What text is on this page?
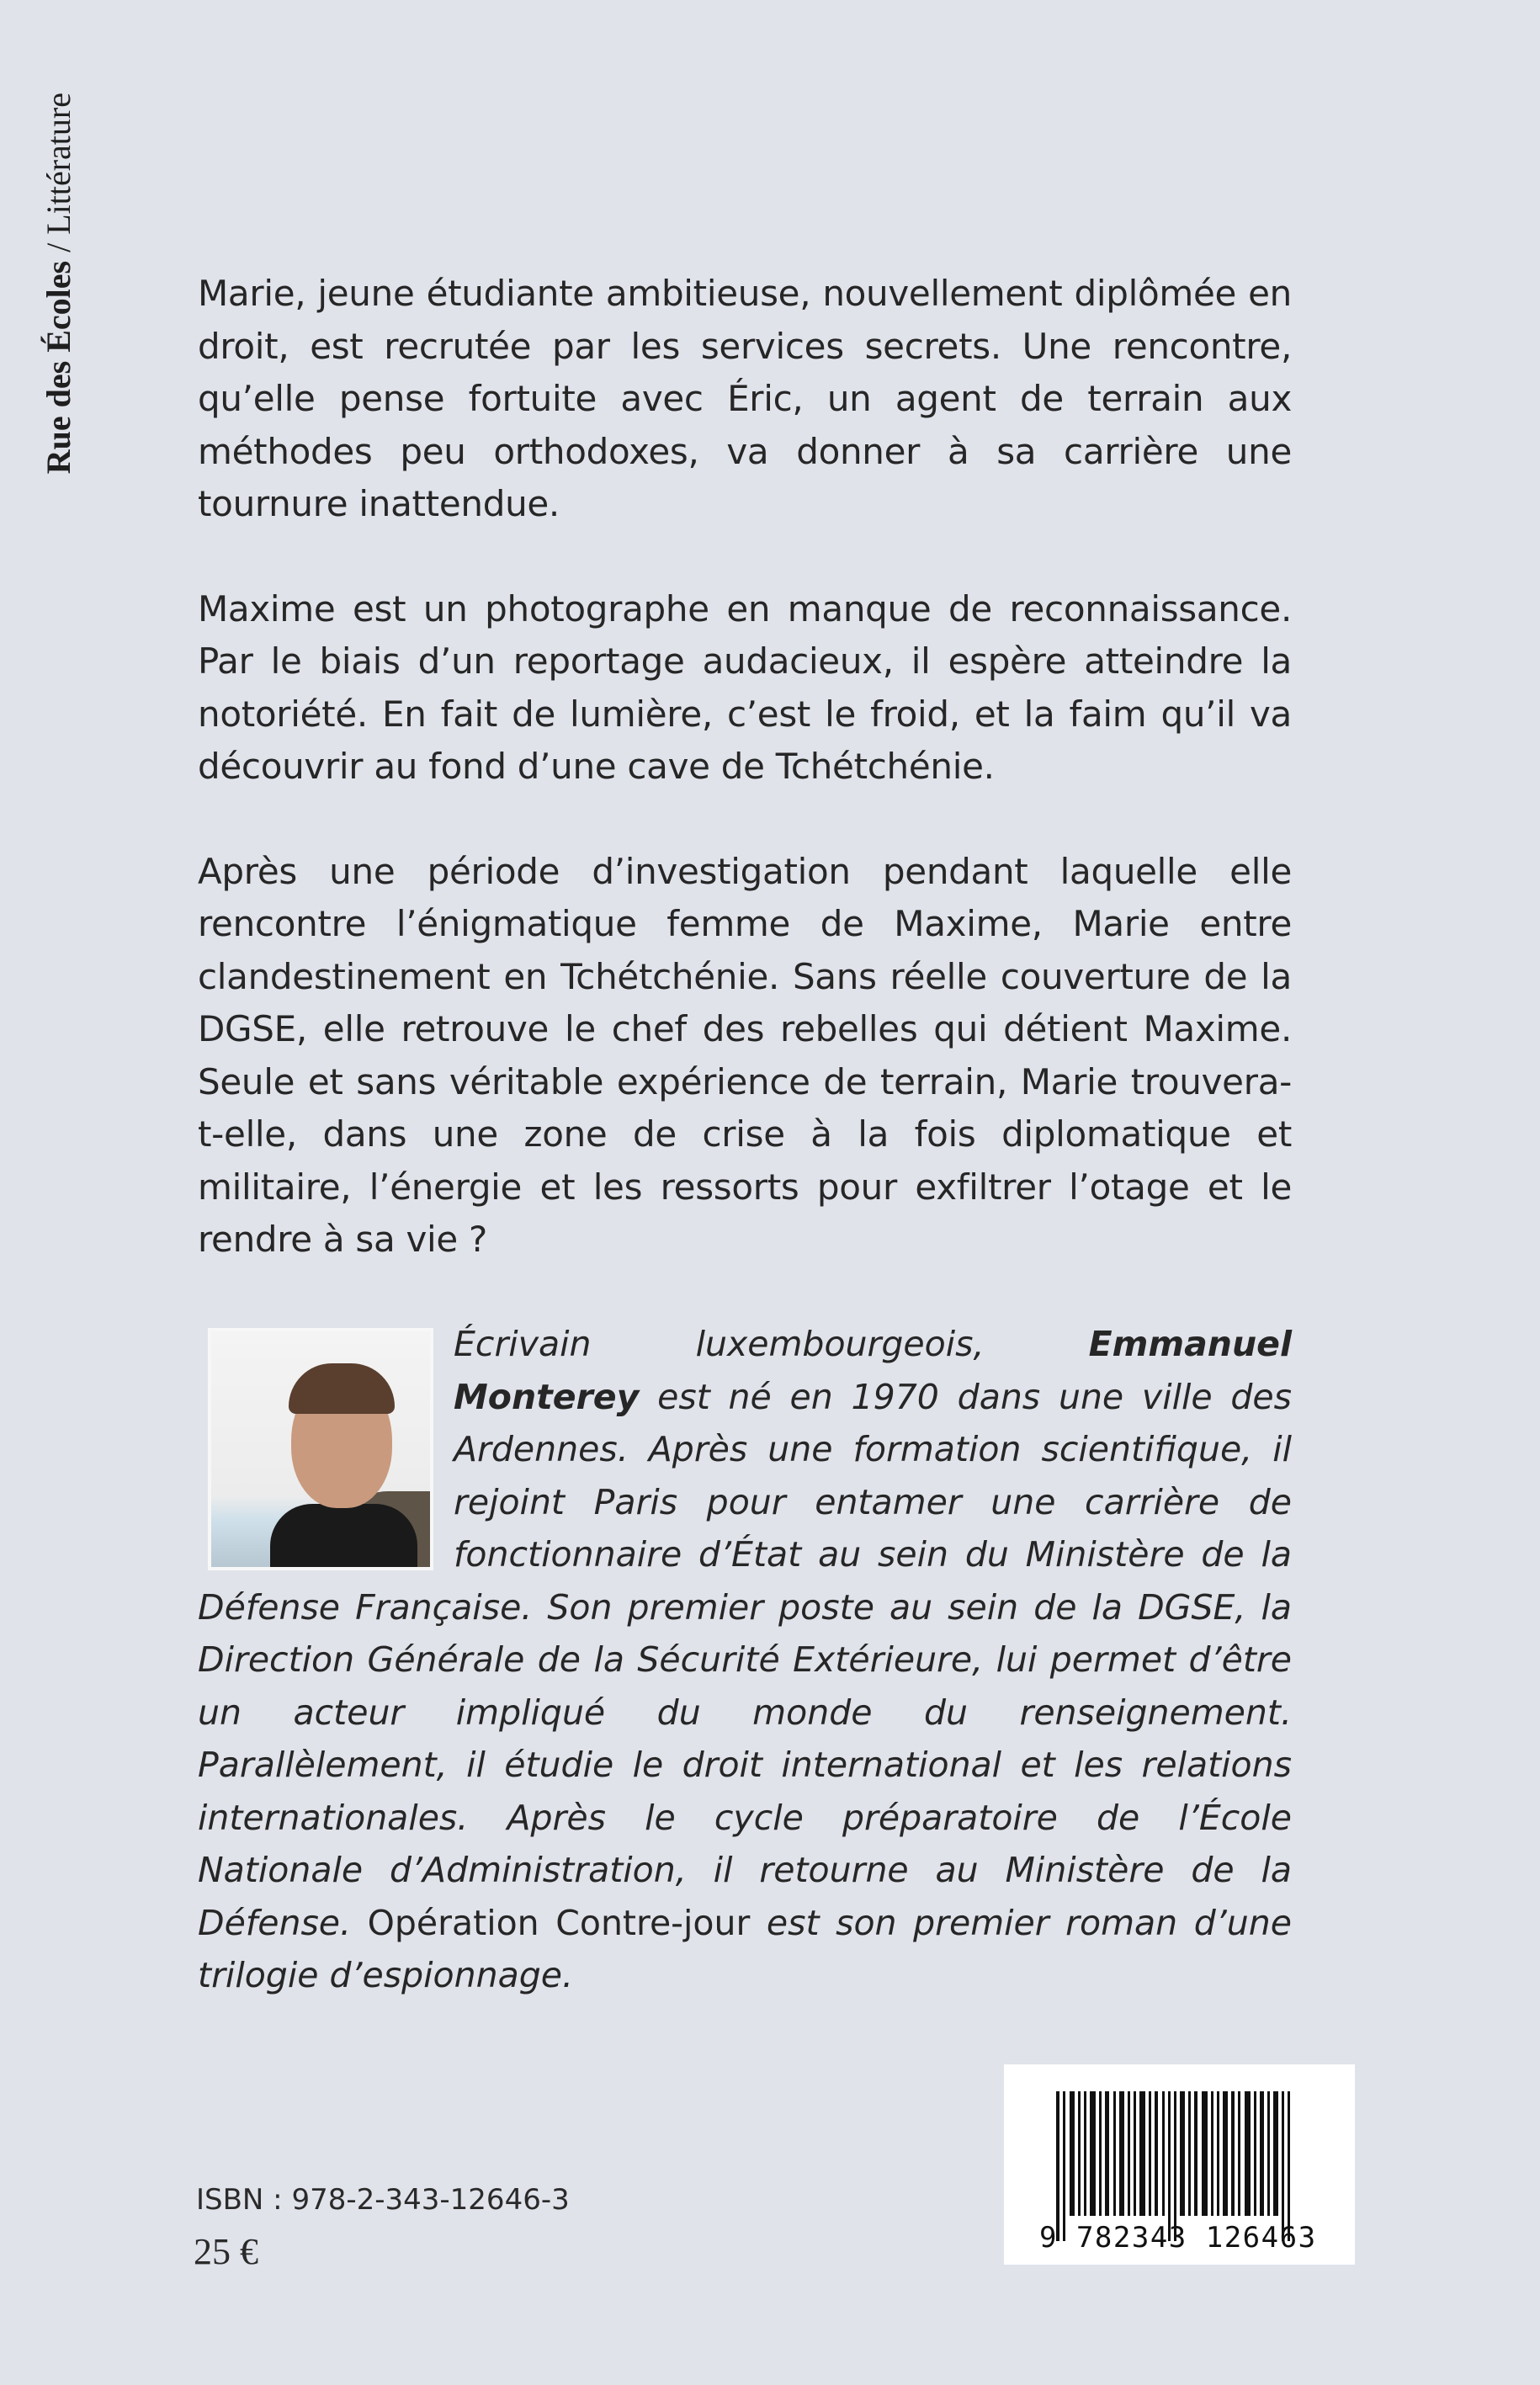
Rue des Écoles / Littérature

Marie, jeune étudiante ambitieuse, nouvellement diplômée en droit, est recrutée par les services secrets. Une rencontre, qu’elle pense fortuite avec Éric, un agent de terrain aux méthodes peu orthodoxes, va donner à sa carrière une tournure inattendue.

Maxime est un photographe en manque de reconnaissance. Par le biais d’un reportage audacieux, il espère atteindre la notoriété. En fait de lumière, c’est le froid, et la faim qu’il va découvrir au fond d’une cave de Tchétchénie.

Après une période d’investigation pendant laquelle elle rencontre l’énigmatique femme de Maxime, Marie entre clandestinement en Tchétchénie. Sans réelle couverture de la DGSE, elle retrouve le chef des rebelles qui détient Maxime. Seule et sans véritable expérience de terrain, Marie trouvera-t-elle, dans une zone de crise à la fois diplomatique et militaire, l’énergie et les ressorts pour exfiltrer l’otage et le rendre à sa vie ?

Écrivain luxembourgeois, Emmanuel Monterey est né en 1970 dans une ville des Ardennes. Après une formation scientifique, il rejoint Paris pour entamer une carrière de fonctionnaire d’État au sein du Ministère de la Défense Française. Son premier poste au sein de la DGSE, la Direction Générale de la Sécurité Extérieure, lui permet d’être un acteur impliqué du monde du renseignement. Parallèlement, il étudie le droit international et les relations internationales. Après le cycle préparatoire de l’École Nationale d’Administration, il retourne au Ministère de la Défense. Opération Contre-jour est son premier roman d’une trilogie d’espionnage.
ISBN : 978-2-343-12646-3
25 €	9 782343 126463
